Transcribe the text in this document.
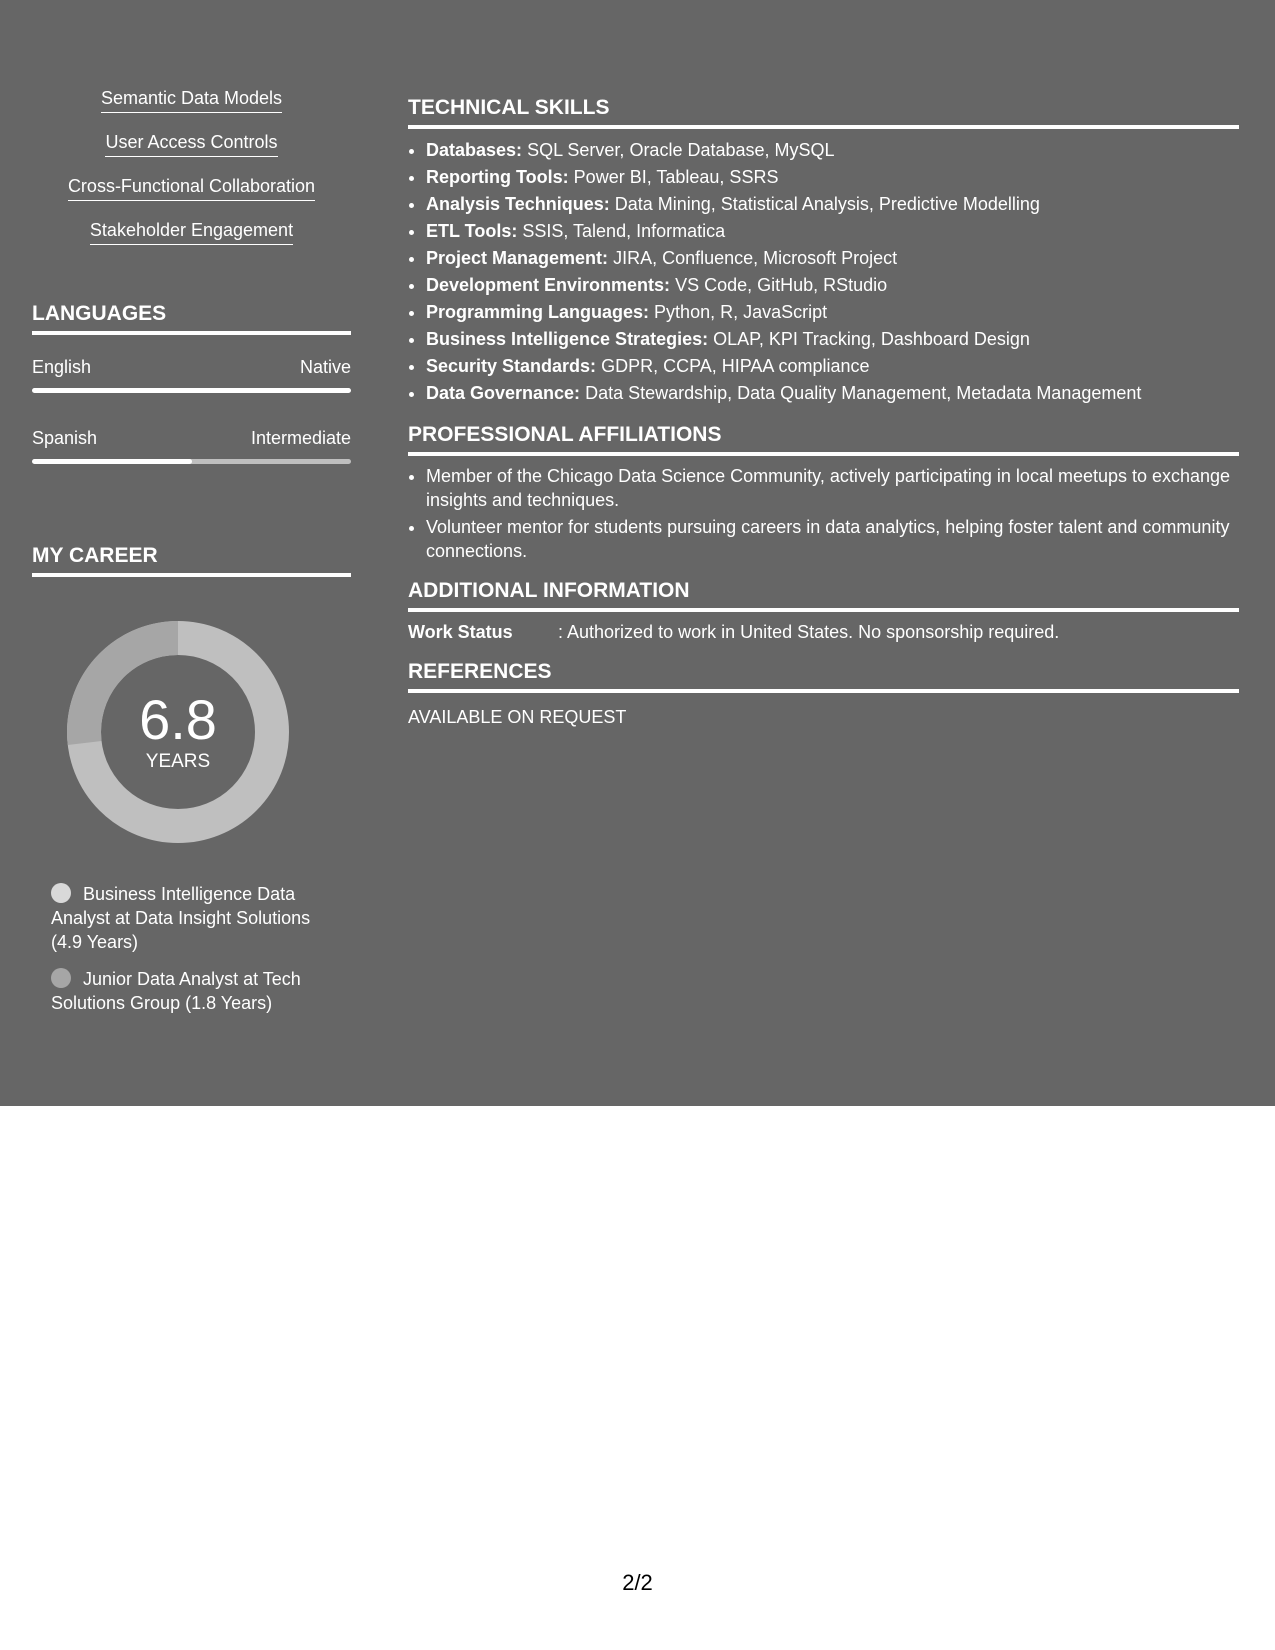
Semantic Data Models
User Access Controls
Cross-Functional Collaboration
Stakeholder Engagement
LANGUAGES
English	Native
Spanish	Intermediate
MY CAREER
6.8
YEARS
Business Intelligence Data Analyst at Data Insight Solutions (4.9 Years)
Junior Data Analyst at Tech Solutions Group (1.8 Years)
TECHNICAL SKILLS
• Databases: SQL Server, Oracle Database, MySQL
• Reporting Tools: Power BI, Tableau, SSRS
• Analysis Techniques: Data Mining, Statistical Analysis, Predictive Modelling
• ETL Tools: SSIS, Talend, Informatica
• Project Management: JIRA, Confluence, Microsoft Project
• Development Environments: VS Code, GitHub, RStudio
• Programming Languages: Python, R, JavaScript
• Business Intelligence Strategies: OLAP, KPI Tracking, Dashboard Design
• Security Standards: GDPR, CCPA, HIPAA compliance
• Data Governance: Data Stewardship, Data Quality Management, Metadata Management
PROFESSIONAL AFFILIATIONS
• Member of the Chicago Data Science Community, actively participating in local meetups to exchange insights and techniques.
• Volunteer mentor for students pursuing careers in data analytics, helping foster talent and community connections.
ADDITIONAL INFORMATION
Work Status	: Authorized to work in United States. No sponsorship required.
REFERENCES
AVAILABLE ON REQUEST
2/2
